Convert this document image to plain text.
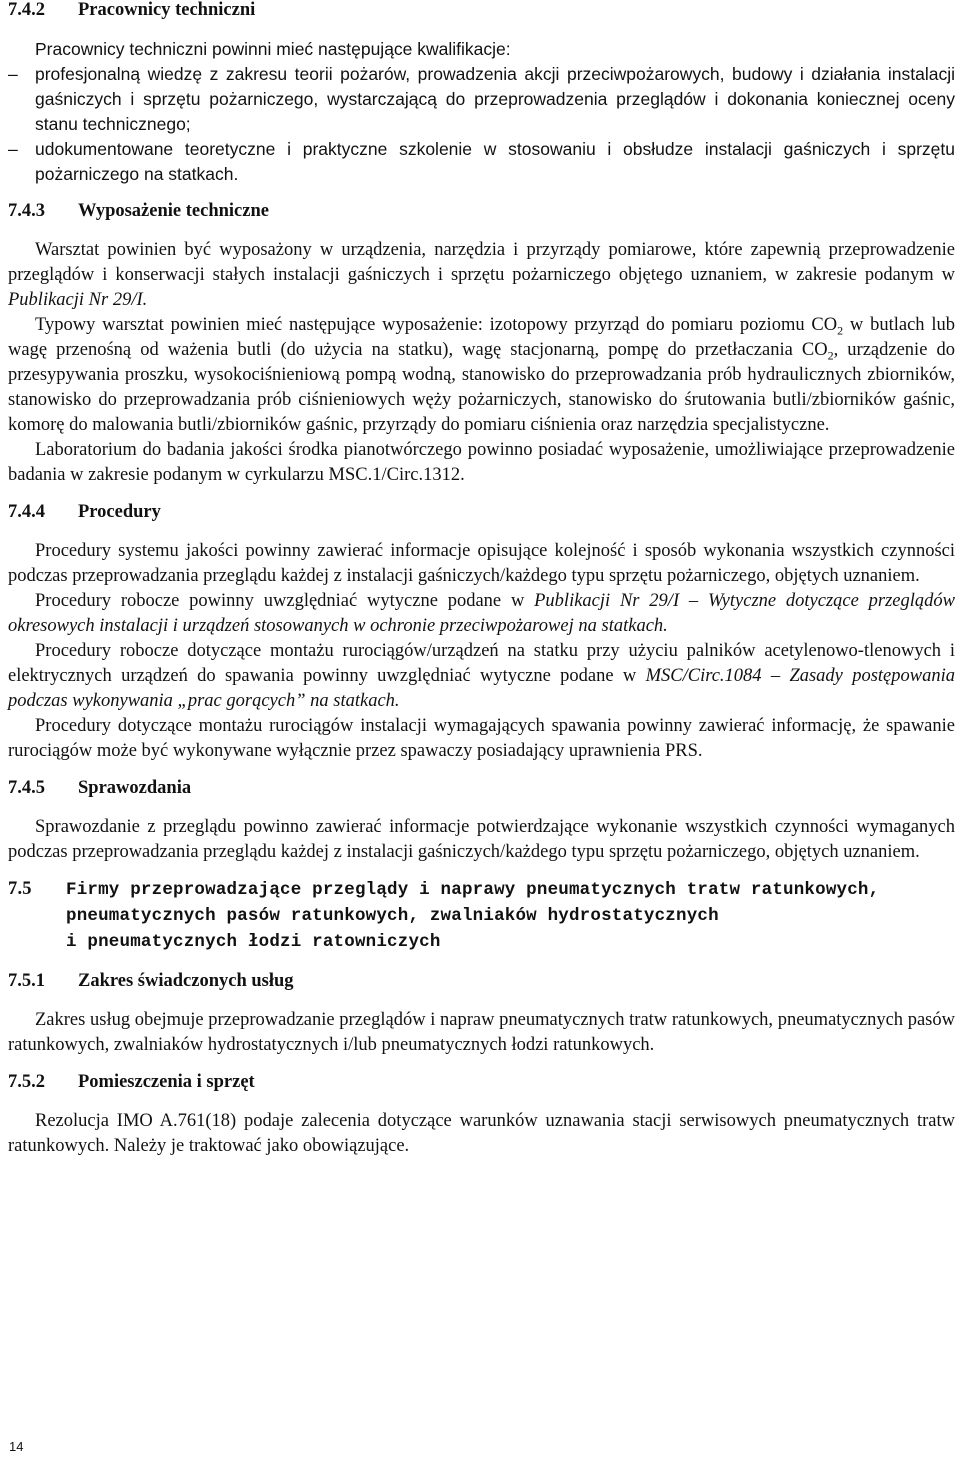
7.4.2 Pracownicy techniczni

Pracownicy techniczni powinni mieć następujące kwalifikacje:

– profesjonalną wiedzę z zakresu teorii pożarów, prowadzenia akcji przeciwpożarowych, budowy i działania instalacji gaśniczych i sprzętu pożarniczego, wystarczającą do przeprowadzenia przeglądów i dokonania koniecznej oceny stanu technicznego;
– udokumentowane teoretyczne i praktyczne szkolenie w stosowaniu i obsłudze instalacji gaśniczych i sprzętu pożarniczego na statkach.
7.4.3 Wyposażenie techniczne

Warsztat powinien być wyposażony w urządzenia, narzędzia i przyrządy pomiarowe, które zapewnią przeprowadzenie przeglądów i konserwacji stałych instalacji gaśniczych i sprzętu pożarniczego objętego uznaniem, w zakresie podanym w Publikacji Nr 29/I.

Typowy warsztat powinien mieć następujące wyposażenie: izotopowy przyrząd do pomiaru poziomu $CO_2$ w butlach lub wagę przenośną od ważenia butli (do użycia na statku), wagę stacjonarną, pompę do przetłaczania $CO_2$, urządzenie do przesypywania proszku, wysokociśnieniową pompą wodną, stanowisko do przeprowadzania prób hydraulicznych zbiorników, stanowisko do przeprowadzania prób ciśnieniowych węży pożarniczych, stanowisko do śrutowania butli/zbiorników gaśnic, komorę do malowania butli/zbiorników gaśnic, przyrządy do pomiaru ciśnienia oraz narzędzia specjalistyczne.

Laboratorium do badania jakości środka pianotwórczego powinno posiadać wyposażenie, umożliwiające przeprowadzenie badania w zakresie podanym w cyrkularzu MSC.1/Circ.1312.

7.4.4 Procedury

Procedury systemu jakości powinny zawierać informacje opisujące kolejność i sposób wykonania wszystkich czynności podczas przeprowadzania przeglądu każdej z instalacji gaśniczych/każdego typu sprzętu pożarniczego, objętych uznaniem.

Procedury robocze powinny uwzględniać wytyczne podane w Publikacji Nr 29/I – Wytyczne dotyczące przeglądów okresowych instalacji i urządzeń stosowanych w ochronie przeciwpożarowej na statkach.

Procedury robocze dotyczące montażu rurociągów/urządzeń na statku przy użyciu palników acetylenowo-tlenowych i elektrycznych urządzeń do spawania powinny uwzględniać wytyczne podane w MSC/Circ.1084 – Zasady postępowania podczas wykonywania „prac gorących” na statkach.

Procedury dotyczące montażu rurociągów instalacji wymagających spawania powinny zawierać informację, że spawanie rurociągów może być wykonywane wyłącznie przez spawaczy posiadający uprawnienia PRS.

7.4.5 Sprawozdania

Sprawozdanie z przeglądu powinno zawierać informacje potwierdzające wykonanie wszystkich czynności wymaganych podczas przeprowadzania przeglądu każdej z instalacji gaśniczych/każdego typu sprzętu pożarniczego, objętych uznaniem.

7.5 Firmy przeprowadzające przeglądy i naprawy pneumatycznych tratw ratunkowych,
pneumatycznych pasów ratunkowych, zwalniaków hydrostatycznych
i pneumatycznych łodzi ratowniczych
7.5.1 Zakres świadczonych usług

Zakres usług obejmuje przeprowadzanie przeglądów i napraw pneumatycznych tratw ratunkowych, pneumatycznych pasów ratunkowych, zwalniaków hydrostatycznych i/lub pneumatycznych łodzi ratunkowych.

7.5.2 Pomieszczenia i sprzęt

Rezolucja IMO A.761(18) podaje zalecenia dotyczące warunków uznawania stacji serwisowych pneumatycznych tratw ratunkowych. Należy je traktować jako obowiązujące.

14
